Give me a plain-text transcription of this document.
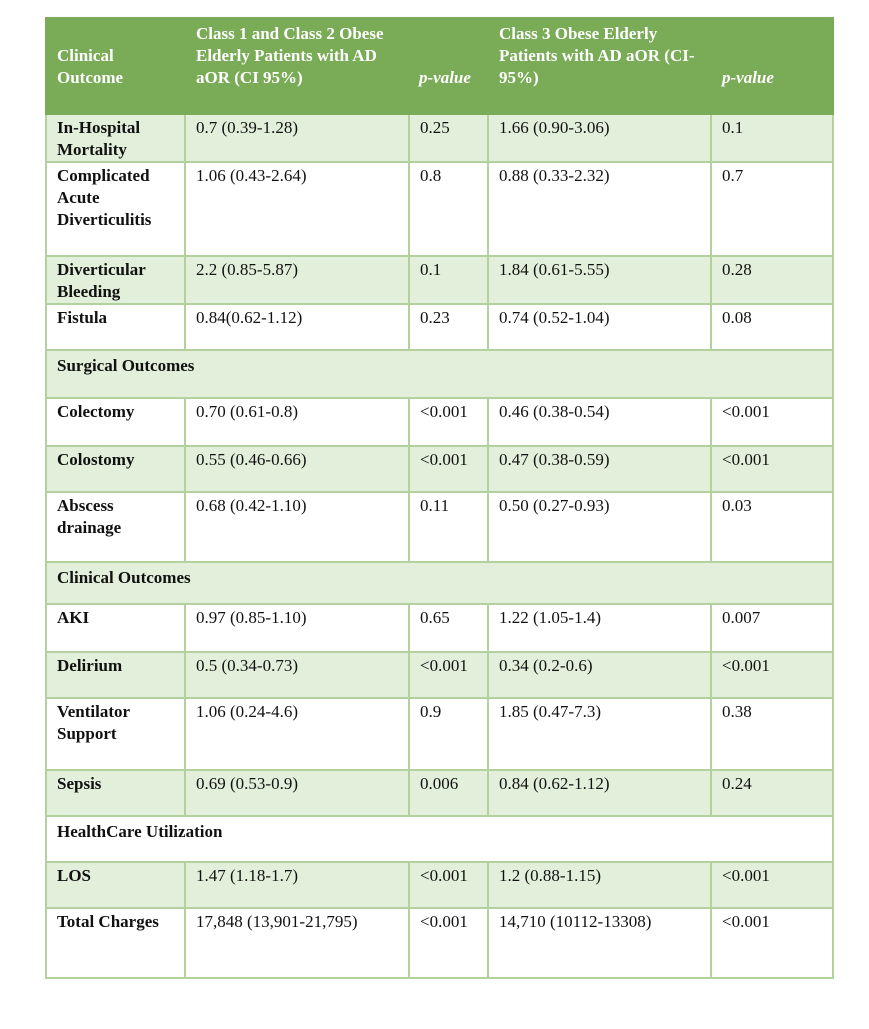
Clinical Outcome	Class 1 and Class 2 Obese Elderly Patients with AD aOR (CI 95%)	p-value	Class 3 Obese Elderly Patients with AD aOR (CI-95%)	p-value
In-Hospital Mortality	0.7 (0.39-1.28)	0.25	1.66 (0.90-3.06)	0.1
Complicated Acute Diverticulitis	1.06 (0.43-2.64)	0.8	0.88 (0.33-2.32)	0.7
Diverticular Bleeding	2.2 (0.85-5.87)	0.1	1.84 (0.61-5.55)	0.28
Fistula	0.84(0.62-1.12)	0.23	0.74 (0.52-1.04)	0.08
Surgical Outcomes				
Colectomy	0.70 (0.61-0.8)	<0.001	0.46 (0.38-0.54)	<0.001
Colostomy	0.55 (0.46-0.66)	<0.001	0.47 (0.38-0.59)	<0.001
Abscess drainage	0.68 (0.42-1.10)	0.11	0.50 (0.27-0.93)	0.03
Clinical Outcomes				
AKI	0.97 (0.85-1.10)	0.65	1.22 (1.05-1.4)	0.007
Delirium	0.5 (0.34-0.73)	<0.001	0.34 (0.2-0.6)	<0.001
Ventilator Support	1.06 (0.24-4.6)	0.9	1.85 (0.47-7.3)	0.38
Sepsis	0.69 (0.53-0.9)	0.006	0.84 (0.62-1.12)	0.24
HealthCare Utilization				
LOS	1.47 (1.18-1.7)	<0.001	1.2 (0.88-1.15)	<0.001
Total Charges	17,848 (13,901-21,795)	<0.001	14,710 (10112-13308)	<0.001
